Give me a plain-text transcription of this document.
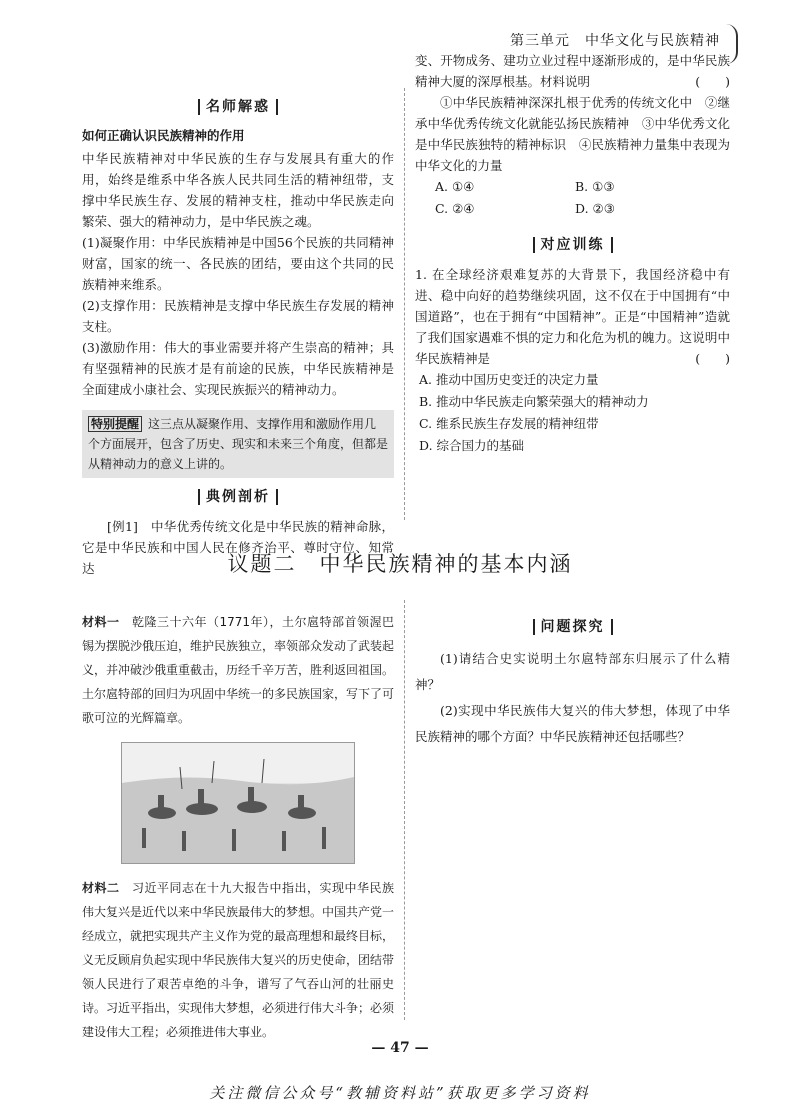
第三单元　中华文化与民族精神
名师解惑
如何正确认识民族精神的作用

中华民族精神对中华民族的生存与发展具有重大的作用，始终是维系中华各族人民共同生活的精神纽带，支撑中华民族生存、发展的精神支柱，推动中华民族走向繁荣、强大的精神动力，是中华民族之魂。

(1)凝聚作用：中华民族精神是中国56个民族的共同精神财富，国家的统一、各民族的团结，要由这个共同的民族精神来维系。

(2)支撑作用：民族精神是支撑中华民族生存发展的精神支柱。

(3)激励作用：伟大的事业需要并将产生崇高的精神；具有坚强精神的民族才是有前途的民族，中华民族精神是全面建成小康社会、实现民族振兴的精神动力。

特别提醒 这三点从凝聚作用、支撑作用和激励作用几个方面展开，包含了历史、现实和未来三个角度，但都是从精神动力的意义上讲的。
典例剖析

[例1]　 中华优秀传统文化是中华民族的精神命脉，它是中华民族和中国人民在修齐治平、尊时守位、知常达

变、开物成务、建功立业过程中逐渐形成的，是中华民族精神大厦的深厚根基。材料说明	(　　)

①中华民族精神深深扎根于优秀的传统文化中　②继承中华优秀传统文化就能弘扬民族精神　③中华优秀文化是中华民族独特的精神标识　④民族精神力量集中表现为中华文化的力量

A. ①④	B. ①③
C. ②④	D. ②③
对应训练

1. 在全球经济艰难复苏的大背景下，我国经济稳中有进、稳中向好的趋势继续巩固，这不仅在于中国拥有“中国道路”，也在于拥有“中国精神”。正是“中国精神”造就了我们国家遇难不惧的定力和化危为机的魄力。这说明中华民族精神是	(　　)

A. 推动中国历史变迁的决定力量
B. 推动中华民族走向繁荣强大的精神动力
C. 维系民族生存发展的精神纽带
D. 综合国力的基础
议题二　中华民族精神的基本内涵
材料一　 乾隆三十六年（1771年），土尔扈特部首领渥巴锡为摆脱沙俄压迫，维护民族独立，率领部众发动了武装起义，并冲破沙俄重重截击，历经千辛万苦，胜利返回祖国。土尔扈特部的回归为巩固中华统一的多民族国家，写下了可歌可泣的光辉篇章。
材料二　 习近平同志在十九大报告中指出，实现中华民族伟大复兴是近代以来中华民族最伟大的梦想。中国共产党一经成立，就把实现共产主义作为党的最高理想和最终目标，义无反顾肩负起实现中华民族伟大复兴的历史使命，团结带领人民进行了艰苦卓绝的斗争，谱写了气吞山河的壮丽史诗。习近平指出，实现伟大梦想，必须进行伟大斗争；必须建设伟大工程；必须推进伟大事业。
问题探究

(1)请结合史实说明土尔扈特部东归展示了什么精神？

(2)实现中华民族伟大复兴的伟大梦想，体现了中华民族精神的哪个方面？中华民族精神还包括哪些？

— 47 —
关注微信公众号“教辅资料站”获取更多学习资料
